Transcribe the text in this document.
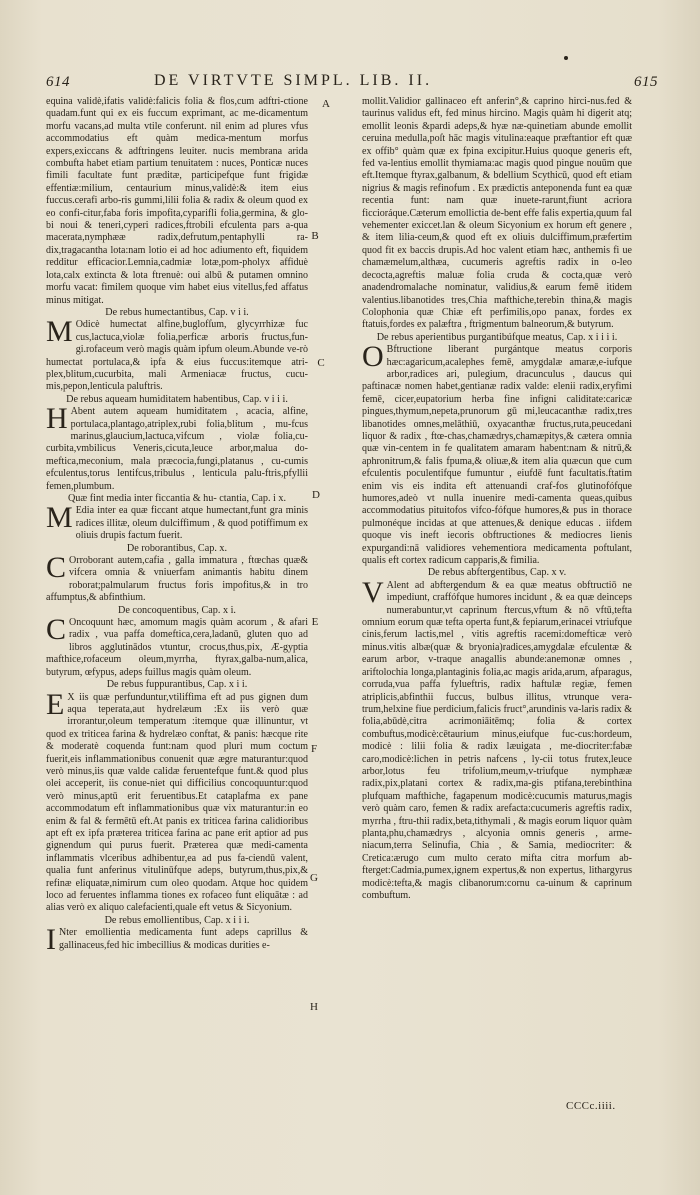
614	DE VIRTVTE SIMPL. LIB. II.	615

equina validè,ifatis validè:falicis folia & flos,cum adftri-ctione quadam.funt qui ex eis fuccum exprimant, ac me-dicamentum morfu vacans,ad multa vtile conferunt. nil enim ad plures vfus accommodatius eft quàm medica-mentum morfus expers,exiccans & adftringens leuiter. nucis membrana arida combufta habet etiam partium tenuitatem : nuces, Ponticæ nuces fimili facultate funt præditæ, participefque funt frigidæ effentiæ:milium, centaurium minus,validè:& item eius fuccus.cerafi arbo-ris gummi,lilii folia & radix & oleum quod ex eo confi-citur,faba foris impofita,cyparifli folia,germina, & glo-bi noui & teneri,cyperi radices,ftrobili efculenta pars a-qua macerata,nymphææ radix,defrutum,pentaphylli ra-dix,tragacantha lota:nam lotio ei ad hoc adiumento eft, fiquidem redditur efficacior.Lemnia,cadmiæ lotæ,pom-pholyx affiduè lota,calx extincta & lota ftrenuè: oui albū & putamen omnino morfu vacat: fimilem quoque vim habet eius vitellus,fed affatus minus mitigat.

De rebus humectantibus, Cap. v i i.

M Odicè humectat alfine,buglofſum, glycyrrhizæ fuc cus,lactuca,violæ folia,perficæ arboris fructus,fun-gi.rofaceum verò magis quàm ipfum oleum.Abunde ve-rò humectat portulaca,& ipfa & eius fuccus:itemque atri-plex,blitum,cucurbita, mali Armeniacæ fructus, cucu-mis,pepon,lenticula paluftris.

De rebus aqueam humiditatem habentibus, Cap. v i i i.

H Abent autem aqueam humiditatem , acacia, alfine, portulaca,plantago,atriplex,rubi folia,blitum , mu-fcus marinus,glaucium,lactuca,vifcum , violæ folia,cu-curbita,vmbilicus Veneris,cicuta,leuce arbor,malua do-meftica,meconium, mala præcocia,fungi,platanus , cu-cumis efculentus,torus lentifcus,tribulus , lenticula palu-ftris,pfyllii femen,plumbum.

Quæ fint media inter ficcantia & hu- ctantia, Cap. i x.

M Edia inter ea quæ ficcant atque humectant,funt gra minis radices illitæ, oleum dulciffimum , & quod potiffimum ex oliuis drupis factum fuerit.

De roborantibus, Cap. x.

C Orroborant autem,cafia , galla immatura , ftœchas quæ& vifcera omnia & vniuerfam animantis habitu dinem roborat;palmularum fructus foris impofitus,& in tro affumptus,& abfinthium.

De concoquentibus, Cap. x i.

C Oncoquunt hæc, amomum magis quàm acorum , & afari radix , vua paffa domeftica,cera,ladanū, gluten quo ad libros agglutinādos vtuntur, crocus,thus,pix, Æ-gyptia mafthice,rofaceum oleum,myrrha, ftyrax,galba-num,alica, butyrum, œfypus, adeps fuillus magis quàm oleum.

De rebus fuppurantibus, Cap. x i i.

E X iis quæ perfunduntur,vtiliffima eft ad pus gignen dum aqua teperata,aut hydrelæum :Ex iis verò quæ irrorantur,oleum temperatum :itemque quæ illinuntur, vt quod ex triticea farina & hydrelæo conftat, & panis: hæcque rite & moderatè coquenda funt:nam quod pluri mum coctum fuerit,eis inflammationibus conuenit quæ ægre maturantur:quod verò minus,iis quæ valde calidæ feruentefque funt.& quod plus olei acceperit, iis conue-niet qui difficilius concoquuntur:quod verò minus,aptū erit feruentibus.Et cataplafma ex pane accommodatum eft inflammationibus quæ vix maturantur:in eo enim & fal & fermētū eft.At panis ex triticea farina calidioribus apt eft ex ipfa præterea triticea farina ac pane erit aptior ad pus gignendum qui purus fuerit. Præterea quæ medi-camenta inflammatis vlceribus adhibentur,ea ad pus fa-ciendū valent, qualia funt anferinus vitulinūfque adeps, butyrum,thus,pix,& refinæ eliquatæ,nimirum cum oleo quodam. Atque hoc quidem loco ad feruentes inflamma tiones ex rofaceo funt eliquātæ : ad alias verò ex aliquo calefacienti,quale eft vetus & Sicyonium.

De rebus emollientibus, Cap. x i i i.

I Nter emollientia medicamenta funt adeps caprillus & gallinaceus,fed hic imbecillius & modicas durities e-

mollit.Validior gallinaceo eft anferin°,& caprino hirci-nus.fed & taurinus validus eft, fed minus hircino. Magis quàm hi digerit atq; emollit leonis &pardi adeps,& hyæ næ-quinetiam abunde emollit ceruina medulla,poſt hāc magis vitulina:eaque præftantior eft quæ ex offib° quàm quæ ex fpina excipitur.Huius quoque generis eft, fed va-lentius emollit thymiama:ac magis quod pingue nouūm que eft.Itemque ftyrax,galbanum, & bdellium Scythicū, quod eft etiam nigrius & magis refinofum . Ex prædictis anteponenda funt ea quæ recentia funt: nam quæ inuete-rarunt,fiunt acriora ficcioráque.Cæterum emollictia de-bent effe falis expertia,quum fal vehementer exiccet.lan & oleum Sicyonium ex horum eft genere , & item lilia-ceum,& quod eft ex oliuis dulciffimum,præfertim quod fit ex baccis drupis.Ad hoc valent etiam hæc, anthemis fi ue chamæmelum,althæa, cucumeris agreftis radix in o-leo decocta,agreftis maluæ folia cruda & cocta,quæ verò anadendromalache nominatur, validius,& earum femē itidem valentius.libanotides tres,Chia mafthiche,terebin thina,& magis Colophonia quæ Chiæ eft perfimilis,opo panax, fordes ex ftatuis,fordes ex palæftra , ftrigmentum balneorum,& butyrum.

De rebus aperientibus purgantibúfque meatus, Cap. x i i i i.

O Bftructione liberant purgántque meatus corporis hæc:agaricum,acalephes femē, amygdalæ amaræ,e-iufque arbor,radices ari, pulegium, dracunculus , daucus qui paftinacæ nomen habet,gentianæ radix valde: elenii radix,eryfimi femē, cicer,eupatorium herba fine infigni caliditate:caricæ pingues,thymum,nepeta,prunorum gū mi,leucacanthæ radix,tres libanotides omnes,melāthiū, oxyacanthæ fructus,ruta,peucedani liquor & radix , ftœ-chas,chamædrys,chamæpitys,& cætera omnia quæ vin-centem in fe qualitatem amaram habent:nam & nitrū,& aphronitrum,& falis fpuma,& oliuæ,& item alia quæcun que cum efculentis poculentifque fumuntur , eiufdē funt facultatis.ftatim enim vis eis indita eft attenuandi craf-fos glutinofófque humores,adeò vt nulla inuenire medi-camenta queas,quibus accommodatius pituitofos vifco-fófque humores,& pus in thorace pulmonéque incidas at que attenues,& denique educas . iifdem quoque vis ineft iecoris obftructiones & mediocres lienis expurgandi:nā validiores vehementiora medicamenta poftulant, qualis eft cortex radicum capparis,& fimilia.

De rebus abftergentibus, Cap. x v.

V Alent ad abftergendum & ea quæ meatus obftructiō ne impediunt, craffófque humores incidunt , & ea quæ deinceps numerabuntur,vt caprinum ftercus,vftum & nō vftū,tefta omnium eorum quæ tefta operta funt,& fepiarum,erinacei vtriufque cinis,ferum lactis,mel , vitis agreftis racemi:domefticæ verò minus.vitis albæ(quæ & bryonia)radices,amygdalæ efculentæ & earum arbor, v-traque anagallis abunde:anemonæ omnes , ariftolochia longa,plantaginis folia,ac magis arida,arum, afparagus, corruda,vua paffa fylueftris, radix haftulæ regiæ, femen atriplicis,abfinthii fuccus, bulbus illitus, vtrunque vera-trum,helxine fiue perdicium,falicis fruct°,arundinis va-laris radix & folia,abūdè,citra acrimoniāitēmq; folia & cortex combuftus,modicè:cētaurium minus,eiufque fuc-cus:hordeum, modicè : lilii folia & radix læuigata , me-diocriter:fabæ caro,modicè:lichen in petris nafcens , ly-cii totus frutex,leuce arbor,lotus feu trifolium,meum,v-triufque nymphææ radix,pix,platani cortex & radix,ma-gis ptifana,terebinthina plufquam mafthiche, fagapenum modicè:cucumis maturus,magis verò quàm caro, femen & radix arefacta:cucumeris agreftis radix, myrrha , ftru-thii radix,beta,tithymali , & magis eorum liquor quàm planta,phu,chamædrys , alcyonia omnis generis , arme-niacum,terra Selinufia, Chia , & Samia, mediocriter: & Cretica:ærugo cum multo cerato mifta citra morfum ab-fterget:Cadmia,pumex,ignem expertus,& non expertus, lithargyrus modicè:tefta,& magis clibanorum:cornu ca-uinum & caprinum combuftum.

A
B
C
D
E
F
G
H
CCCc.iiii.
